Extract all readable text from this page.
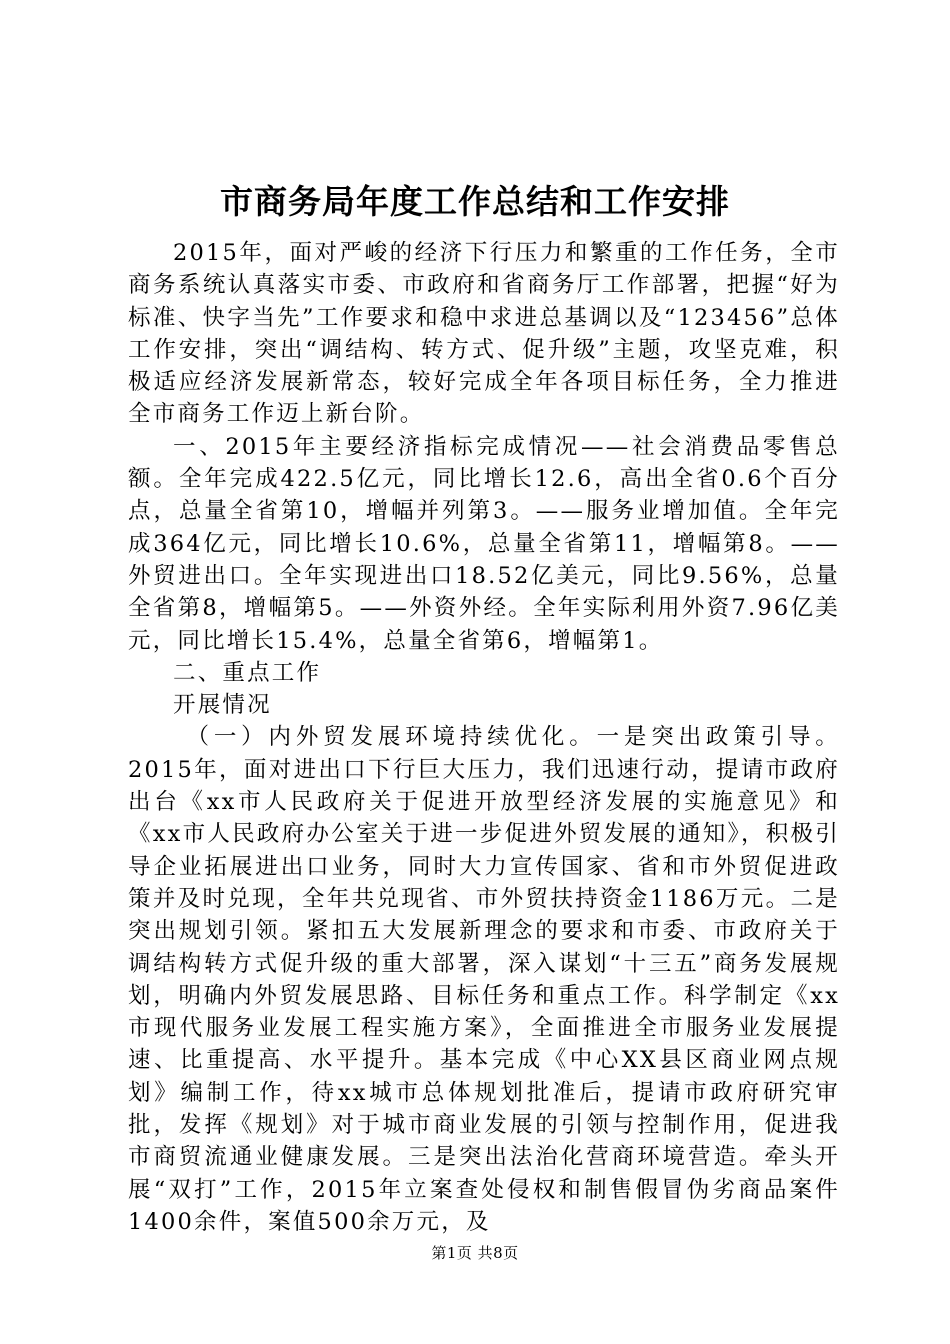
市商务局年度工作总结和工作安排

2015年，面对严峻的经济下行压力和繁重的工作任务，全市商务系统认真落实市委、市政府和省商务厅工作部署，把握“好为标准、快字当先”工作要求和稳中求进总基调以及“123456”总体工作安排，突出“调结构、转方式、促升级”主题，攻坚克难，积极适应经济发展新常态，较好完成全年各项目标任务，全力推进全市商务工作迈上新台阶。

一、2015年主要经济指标完成情况——社会消费品零售总额。全年完成422.5亿元，同比增长12.6，高出全省0.6个百分点，总量全省第10，增幅并列第3。——服务业增加值。全年完成364亿元，同比增长10.6%，总量全省第11，增幅第8。——外贸进出口。全年实现进出口18.52亿美元，同比9.56%，总量全省第8，增幅第5。——外资外经。全年实际利用外资7.96亿美元，同比增长15.4%，总量全省第6，增幅第1。

二、重点工作

开展情况

（一）内外贸发展环境持续优化。一是突出政策引导。2015年，面对进出口下行巨大压力，我们迅速行动，提请市政府出台《xx市人民政府关于促进开放型经济发展的实施意见》和《xx市人民政府办公室关于进一步促进外贸发展的通知》，积极引导企业拓展进出口业务，同时大力宣传国家、省和市外贸促进政策并及时兑现，全年共兑现省、市外贸扶持资金1186万元。二是突出规划引领。紧扣五大发展新理念的要求和市委、市政府关于调结构转方式促升级的重大部署，深入谋划“十三五”商务发展规划，明确内外贸发展思路、目标任务和重点工作。科学制定《xx市现代服务业发展工程实施方案》，全面推进全市服务业发展提速、比重提高、水平提升。基本完成《中心XX县区商业网点规划》编制工作，待xx城市总体规划批准后，提请市政府研究审批，发挥《规划》对于城市商业发展的引领与控制作用，促进我市商贸流通业健康发展。三是突出法治化营商环境营造。牵头开展“双打”工作，2015年立案查处侵权和制售假冒伪劣商品案件1400余件，案值500余万元，及

第1页 共8页
